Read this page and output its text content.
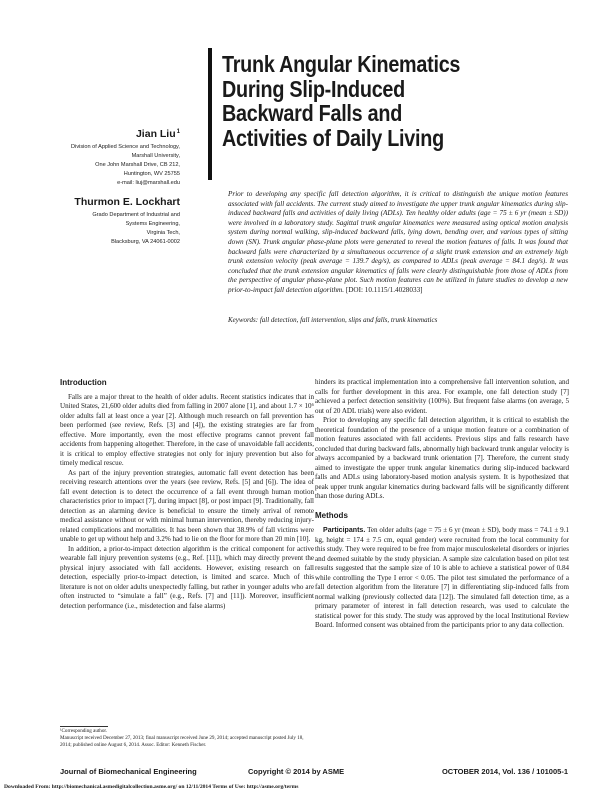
Trunk Angular Kinematics
During Slip-Induced
Backward Falls and
Activities of Daily Living
Jian Liu$^1$
Division of Applied Science and Technology,
Marshall University,
One John Marshall Drive, CB 212,
Huntington, WV 25755
e-mail: liuj@marshall.edu
Thurmon E. Lockhart
Grado Department of Industrial and
Systems Engineering,
Virginia Tech,
Blacksburg, VA 24061-0002
Prior to developing any specific fall detection algorithm, it is critical to distinguish the unique motion features associated with fall accidents. The current study aimed to investigate the upper trunk angular kinematics during slip-induced backward falls and activities of daily living (ADLs). Ten healthy older adults (age = 75 ± 6 yr (mean ± SD)) were involved in a laboratory study. Sagittal trunk angular kinematics were measured using optical motion analysis system during normal walking, slip-induced backward falls, lying down, bending over, and various types of sitting down (SN). Trunk angular phase-plane plots were generated to reveal the motion features of falls. It was found that backward falls were characterized by a simultaneous occurrence of a slight trunk extension and an extremely high trunk extension velocity (peak average = 139.7 deg/s), as compared to ADLs (peak average = 84.1 deg/s). It was concluded that the trunk extension angular kinematics of falls were clearly distinguishable from those of ADLs from the perspective of angular phase-plane plot. Such motion features can be utilized in future studies to develop a new prior-to-impact fall detection algorithm. [DOI: 10.1115/1.4028033]
Keywords: fall detection, fall intervention, slips and falls, trunk kinematics
Introduction

Falls are a major threat to the health of older adults. Recent statistics indicates that in United States, 21,600 older adults died from falling in 2007 alone [1], and about 1.7 × 10⁶ older adults fall at least once a year [2]. Although much research on fall prevention has been performed (see review, Refs. [3] and [4]), the existing strategies are far from effective. More importantly, even the most effective programs cannot prevent fall accidents from happening altogether. Therefore, in the case of unavoidable fall accidents, it is critical to employ effective strategies not only for injury prevention but also for timely medical rescue.

As part of the injury prevention strategies, automatic fall event detection has been receiving research attentions over the years (see review, Refs. [5] and [6]). The idea of fall event detection is to detect the occurrence of a fall event through human motion characteristics prior to impact [7], during impact [8], or post impact [9]. Traditionally, fall detection as an alarming device is beneficial to ensure the timely arrival of remote medical assistance without or with minimal human intervention, thereby reducing injury-related complications and mortalities. It has been shown that 38.9% of fall victims were unable to get up without help and 3.2% had to lie on the floor for more than 20 min [10].

In addition, a prior-to-impact detection algorithm is the critical component for active wearable fall injury prevention systems (e.g., Ref. [11]), which may directly prevent the physical injury associated with fall accidents. However, existing research on fall detection, especially prior-to-impact detection, is limited and scarce. Much of this literature is not on older adults unexpectedly falling, but rather in younger adults who are often instructed to “simulate a fall” (e.g., Refs. [7] and [11]). Moreover, insufficient detection performance (i.e., misdetection and false alarms)

hinders its practical implementation into a comprehensive fall intervention solution, and calls for further development in this area. For example, one fall detection study [7] achieved a perfect detection sensitivity (100%). But frequent false alarms (on average, 5 out of 20 ADL trials) were also evident.

Prior to developing any specific fall detection algorithm, it is critical to establish the theoretical foundation of the presence of a unique motion feature or a combination of motion features associated with fall accidents. Previous slips and falls research have concluded that during backward falls, abnormally high backward trunk angular velocity is always accompanied by a backward trunk orientation [7]. Therefore, the current study aimed to investigate the upper trunk angular kinematics during slip-induced backward falls and ADLs using laboratory-based motion analysis system. It is hypothesized that peak upper trunk angular kinematics during backward falls will be significantly different than those during ADLs.

Methods

Participants. Ten older adults (age = 75 ± 6 yr (mean ± SD), body mass = 74.1 ± 9.1 kg, height = 174 ± 7.5 cm, equal gender) were recruited from the local community for this study. They were required to be free from major musculoskeletal disorders or injuries and deemed suitable by the study physician. A sample size calculation based on pilot test results suggested that the sample size of 10 is able to achieve a statistical power of 0.84 while controlling the Type I error < 0.05. The pilot test simulated the performance of a fall detection algorithm from the literature [7] in differentiating slip-induced falls from normal walking (previously collected data [12]). The simulated fall detection time, as a primary parameter of interest in fall detection research, was used to calculate the statistical power for this study. The study was approved by the local Institutional Review Board. Informed consent was obtained from the participants prior to any data collection.

¹Corresponding author.
Manuscript received December 27, 2013; final manuscript received June 29, 2014; accepted manuscript posted July 18, 2014; published online August 6, 2014. Assoc. Editor: Kenneth Fischer.
Journal of Biomechanical Engineering	Copyright © 2014 by ASME	OCTOBER 2014, Vol. 136 / 101005-1
Downloaded From: http://biomechanical.asmedigitalcollection.asme.org/ on 12/11/2014 Terms of Use: http://asme.org/terms
